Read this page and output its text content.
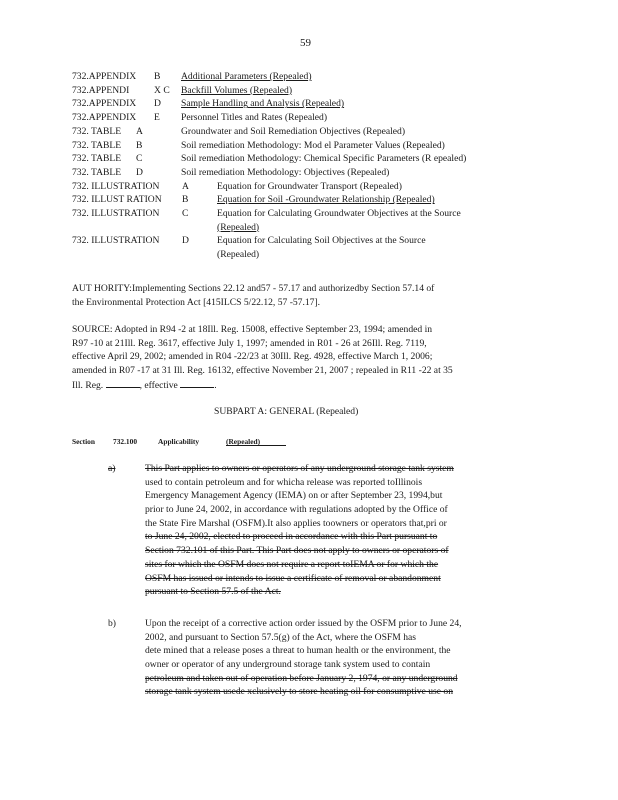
59
732.APPENDIX B Additional Parameters (Repealed)
732.APPENDI	X C Backfill Volumes (Repealed)
732.APPENDIX D Sample Handling and Analysis (Repealed)
732.APPENDIX E Personnel Titles and Rates (Repealed)
732. TABLE A	Groundwater and Soil Remediation Objectives (Repealed)
732. TABLE B	Soil remediation Methodology: Mod el Parameter Values (Repealed)
732. TABLE C	Soil remediation Methodology: Chemical Specific Parameters (R epealed)
732. TABLE D	Soil remediation Methodology: Objectives (Repealed)
732. ILLUSTRATION A	Equation for Groundwater Transport (Repealed)
732. ILLUST RATION B	Equation for Soil -Groundwater Relationship (Repealed)
732. ILLUSTRATION C	Equation for Calculating Groundwater Objectives at the Source
(Repealed)
732. ILLUSTRATION D	Equation for Calculating Soil Objectives at the Source
(Repealed)
AUT HORITY:Implementing Sections 22.12 and57 - 57.17 and authorizedby Section 57.14 of
the Environmental Protection Act [415ILCS 5/22.12, 57 -57.17].
SOURCE: Adopted in R94 -2 at 18Ill. Reg. 15008, effective September 23, 1994; amended in
R97 -10 at 21Ill. Reg. 3617, effective July 1, 1997; amended in R01 - 26 at 26Ill. Reg. 7119,
effective April 29, 2002; amended in R04 -22/23 at 30Ill. Reg. 4928, effective March 1, 2006;
amended in R07 -17 at 31 Ill. Reg. 16132, effective November 21, 2007 ; repealed in R11 -22 at 35
Ill. Reg.	, effective	.
SUBPART A: GENERAL (Repealed)
Section 732.100	Applicability	(Repealed)
a)	This Part applies to owners or operators of any underground storage tank system
used to contain petroleum and for whicha release was reported toIllinois
Emergency Management Agency (IEMA) on or after September 23, 1994,but
prior to June 24, 2002, in accordance with regulations adopted by the Office of
the State Fire Marshal (OSFM).It also applies toowners or operators that,pri or
to June 24, 2002, elected to proceed in accordance with this Part pursuant to
Section 732.101 of this Part. This Part does not apply to owners or operators of
sites for which the OSFM does not require a report toIEMA or for which the
OSFM has issued or intends to issue a certificate of removal or abandonment
pursuant to Section 57.5 of the Act.
b)	Upon the receipt of a corrective action order issued by the OSFM prior to June 24,
2002, and pursuant to Section 57.5(g) of the Act, where the OSFM has
dete mined that a release poses a threat to human health or the environment, the
owner or operator of any underground storage tank system used to contain
petroleum and taken out of operation before January 2, 1974, or any underground
storage tank system usede xclusively to store heating oil for consumptive use on
